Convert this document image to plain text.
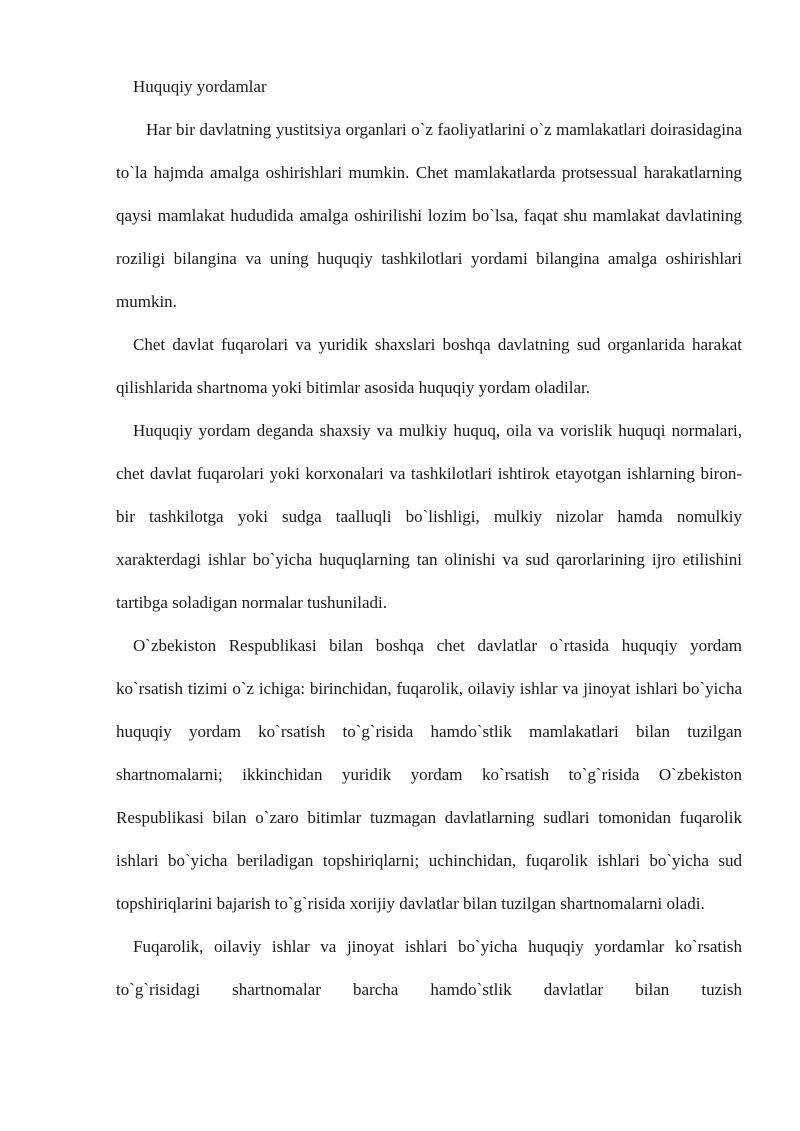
Huquqiy yordamlar

Har bir davlatning yustitsiya organlari o`z faoliyatlarini o`z mamlakatlari doirasidagina to`la hajmda amalga oshirishlari mumkin. Chet mamlakatlarda protsessual harakatlarning qaysi mamlakat hududida amalga oshirilishi lozim bo`lsa, faqat shu mamlakat davlatining roziligi bilangina va uning huquqiy tashkilotlari yordami bilangina amalga oshirishlari mumkin.

Chet davlat fuqarolari va yuridik shaxslari boshqa davlatning sud organlarida harakat qilishlarida shartnoma yoki bitimlar asosida huquqiy yordam oladilar.

Huquqiy yordam deganda shaxsiy va mulkiy huquq, oila va vorislik huquqi normalari, chet davlat fuqarolari yoki korxonalari va tashkilotlari ishtirok etayotgan ishlarning biron-bir tashkilotga yoki sudga taalluqli bo`lishligi, mulkiy nizolar hamda nomulkiy xarakterdagi ishlar bo`yicha huquqlarning tan olinishi va sud qarorlarining ijro etilishini tartibga soladigan normalar tushuniladi.

O`zbekiston Respublikasi bilan boshqa chet davlatlar o`rtasida huquqiy yordam ko`rsatish tizimi o`z ichiga: birinchidan, fuqarolik, oilaviy ishlar va jinoyat ishlari bo`yicha huquqiy yordam ko`rsatish to`g`risida hamdo`stlik mamlakatlari bilan tuzilgan shartnomalarni; ikkinchidan yuridik yordam ko`rsatish to`g`risida O`zbekiston Respublikasi bilan o`zaro bitimlar tuzmagan davlatlarning sudlari tomonidan fuqarolik ishlari bo`yicha beriladigan topshiriqlarni; uchinchidan, fuqarolik ishlari bo`yicha sud topshiriqlarini bajarish to`g`risida xorijiy davlatlar bilan tuzilgan shartnomalarni oladi.

Fuqarolik, oilaviy ishlar va jinoyat ishlari bo`yicha huquqiy yordamlar ko`rsatish to`g`risidagi shartnomalar barcha hamdo`stlik davlatlar bilan tuzish
